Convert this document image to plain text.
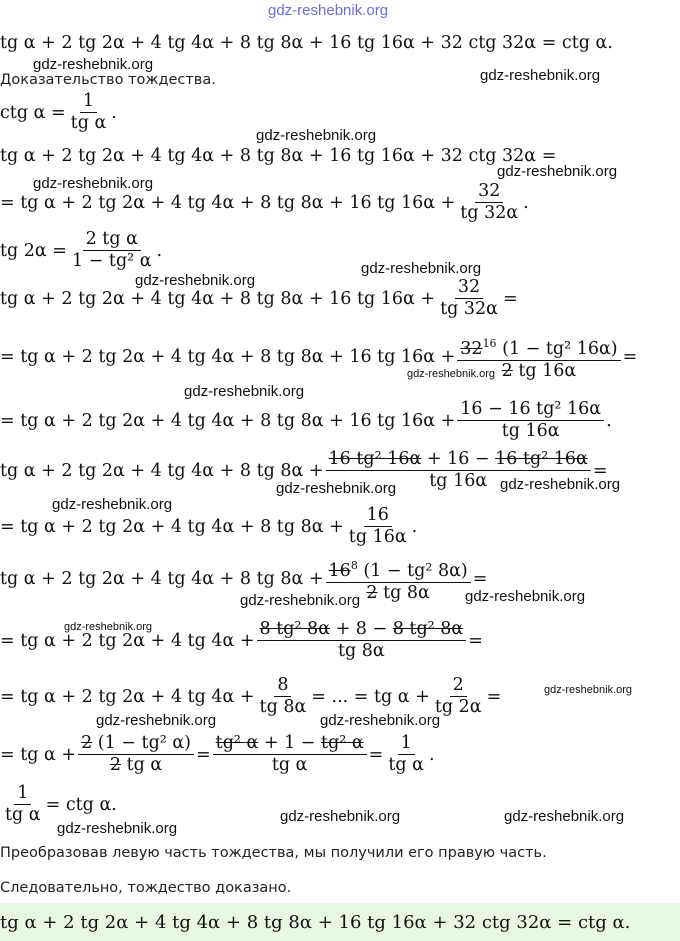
gdz-reshebnik.org
tg α + 2 tg 2α + 4 tg 4α + 8 tg 8α + 16 tg 16α + 32 ctg 32α = ctg α.
Доказательство тождества.
ctg $\alpha = \frac{1}{\text{tg α}}$ .
tg α + 2 tg 2α + 4 tg 4α + 8 tg 8α + 16 tg 16α + 32 ctg 32α =
= tg α + 2 tg 2α + 4 tg 4α + 8 tg 8α + 16 tg $16\alpha + \frac{32}{tg 32\alpha}$ .
tg $2\alpha = \frac{\text{2 tg α}}{\text{1 − tg² α}}$ .
tg α + 2 tg 2α + 4 tg 4α + 8 tg 8α + 16 tg $16\alpha + \frac{32}{tg 32\alpha}$ =
= tg α + 2 tg 2α + 4 tg 4α + 8 tg 8α + 16 tg $16\alpha + \frac{32^{16} (1 - tg^2 16\alpha)}{2 tg 16\alpha}$ =
= tg α + 2 tg 2α + 4 tg 4α + 8 tg 8α + 16 tg $16\alpha + \frac{\text{16 − 16 tg² 16α}}{tg 16\alpha}$ .
tg α + 2 tg 2α + 4 tg 4α + 8 tg $8\alpha + \frac{\text{16 tg² 16α + 16 − 16 tg² 16α}}{tg 16\alpha}$ =
= tg α + 2 tg 2α + 4 tg 4α + 8 tg $8\alpha + \frac{16}{tg 16\alpha}$ .
tg α + 2 tg 2α + 4 tg 4α + 8 tg $8\alpha + \frac{16^8 (1 - tg^2 8\alpha)}{2 tg 8\alpha}$ =
= tg α + 2 tg 2α + 4 tg $4\alpha + \frac{\text{8 tg² 8α + 8 − 8 tg² 8α}}{tg 8\alpha}$ =
= tg α + 2 tg 2α + 4 tg $4\alpha + \frac{8}{tg 8\alpha}$ = ... = tg $\alpha + \frac{2}{tg 2\alpha}$ =
= tg $\alpha + \frac{\text{2 (1 − tg² α)}}{\text{2 tg α}} = \frac{\text{tg² α + 1 − tg² α}}{\text{tg α}} = \frac{1}{\text{tg α}}$ .
$\frac{1}{\text{tg α}}$ = ctg α.
Преобразовав левую часть тождества, мы получили его правую часть.
Следовательно, тождество доказано.
tg α + 2 tg 2α + 4 tg 4α + 8 tg 8α + 16 tg 16α + 32 ctg 32α = ctg α.
gdz-reshebnik.org
gdz-reshebnik.org
gdz-reshebnik.org
gdz-reshebnik.org
gdz-reshebnik.org
gdz-reshebnik.org
gdz-reshebnik.org
gdz-reshebnik.org
gdz-reshebnik.org
gdz-reshebnik.org	gdz-reshebnik.org
gdz-reshebnik.org
gdz-reshebnik.org	gdz-reshebnik.org
gdz-reshebnik.org
gdz-reshebnik.org
gdz-reshebnik.org	gdz-reshebnik.org
gdz-reshebnik.org	gdz-reshebnik.org
gdz-reshebnik.org
